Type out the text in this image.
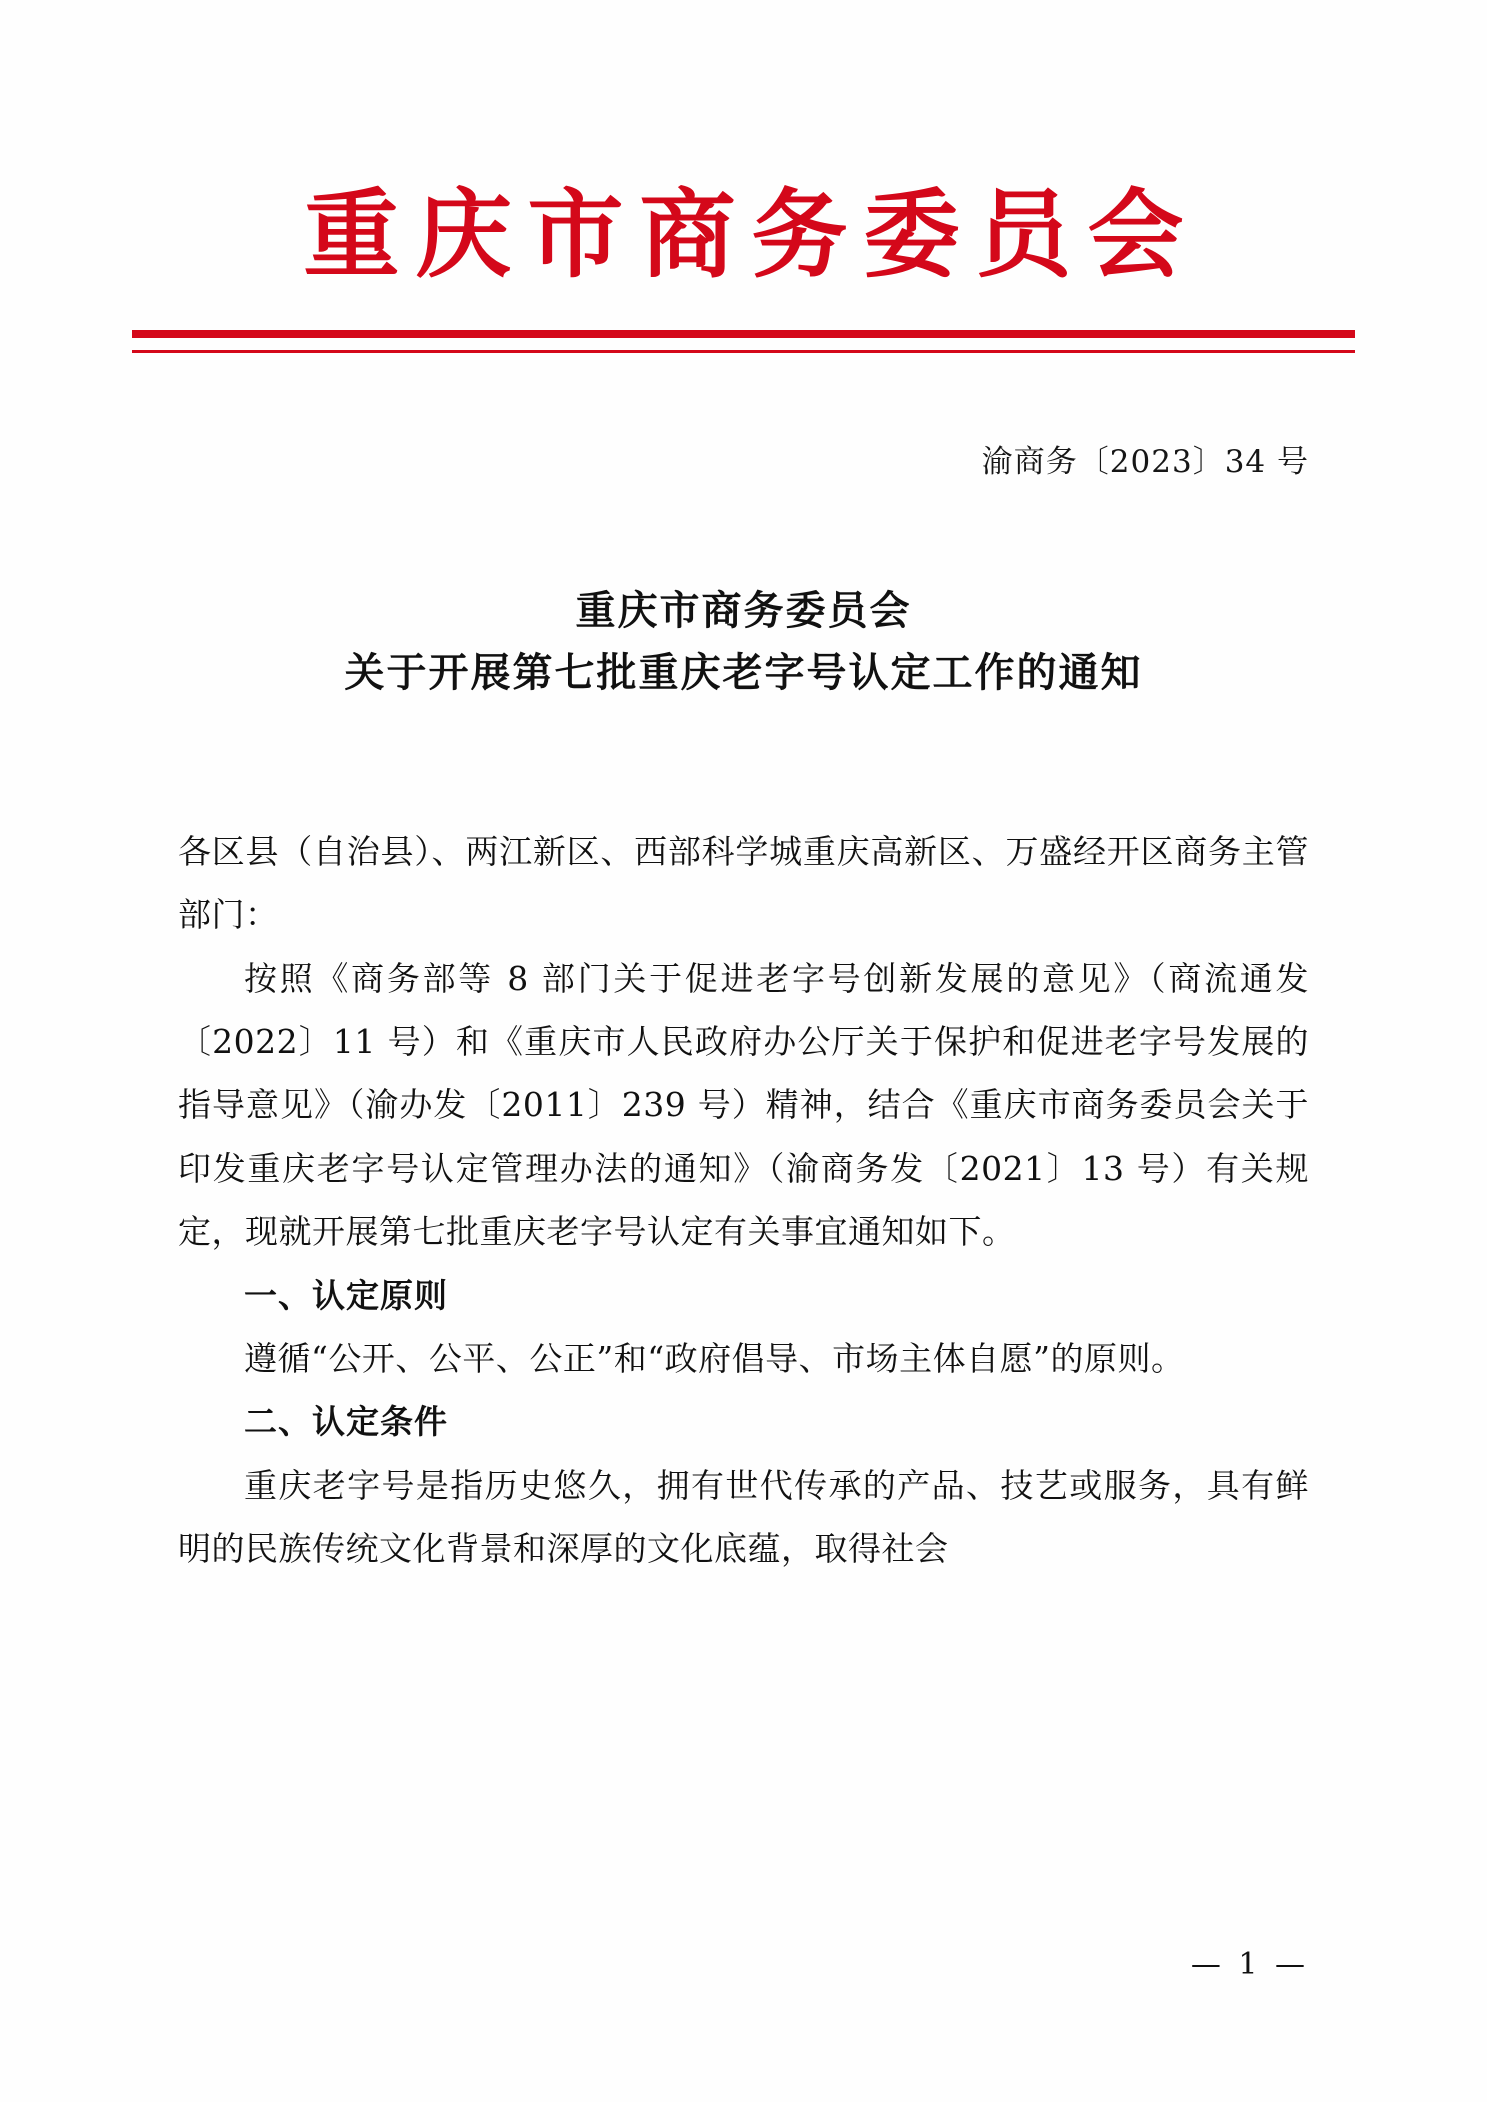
重庆市商务委员会
渝商务〔2023〕34 号
重庆市商务委员会
关于开展第七批重庆老字号认定工作的通知

各区县（自治县）、两江新区、西部科学城重庆高新区、万盛经开区商务主管部门：

按照《商务部等 8 部门关于促进老字号创新发展的意见》（商流通发〔2022〕11 号）和《重庆市人民政府办公厅关于保护和促进老字号发展的指导意见》（渝办发〔2011〕239 号）精神，结合《重庆市商务委员会关于印发重庆老字号认定管理办法的通知》（渝商务发〔2021〕13 号）有关规定，现就开展第七批重庆老字号认定有关事宜通知如下。

一、认定原则

遵循“公开、公平、公正”和“政府倡导、市场主体自愿”的原则。

二、认定条件

重庆老字号是指历史悠久，拥有世代传承的产品、技艺或服务，具有鲜明的民族传统文化背景和深厚的文化底蕴，取得社会

— 1 —
